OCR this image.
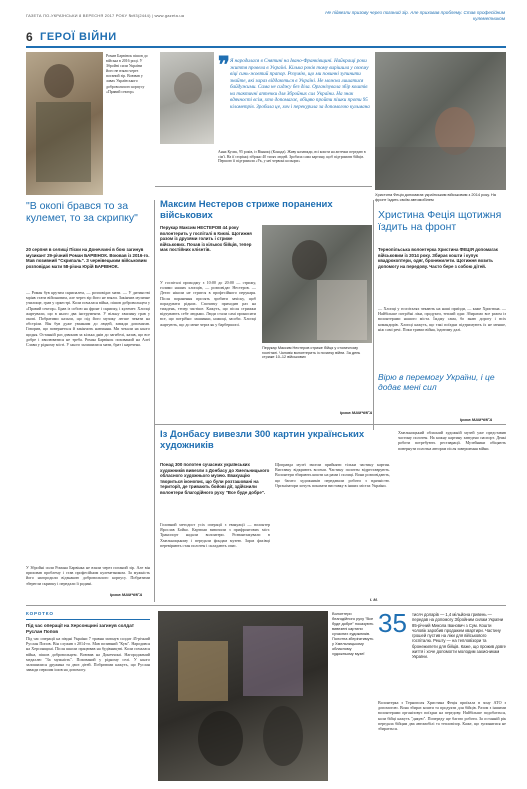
ГАЗЕТА ПО-УКРАЇНСЬКИ 8 ВЕРЕСНЯ 2017 РОКУ №93(2444) | www.gazeta.ua
Не підвезли призову через поганий зір. Але приховав проблему. Став професійним кулеметником
6 ГЕРОЇ ВІЙНИ
Роман Барвінок пішов до війська в 2016 році. У Збройні сили України його не взяли через поганий зір. Воював у лавах Українського добровольчого корпусу «Правий сектор»
❞ Я народилася в Снятині на Івано-Франківщині. Найкращі роки життя провела в Україні. Кілька років тому вирішила у своєму віці синь-жовтий прапор. Розумію, що ми повинні зупинити знайте, які зараз віддаються в Україні. Не можна лишатися байдужими. Сама не сиджу без діла. Організувала збір коштів на тактичні аптечки для Збройних сил України. На знак вдячності всім, хто допомагає, обіцяю пройти пішки проти 95 кілометрів. Зробила це, хоч і перекурила за допомогою кульмана
Анна Кусик, 95 років, із Вінниці (Канада). Живу назавжди, всі кошти на аптечки передаю в сім'ї. На її сторінці зібрано 40 тисяч людей. Зробила сама картину, щоб підтримати бійців. Першою її підтримали «Ук, у неї червоні кольори»
Христина Феція допомагає українським військовим з 2014 року. На фронт їздить своїм автомобілем
"В окопі брався то за кулемет, то за скрипку"
20 серпня в селищі Піски на Донеччині в бою загинув музикант 29-річний Роман БАРВІНОК. Воював із 2016-го. Мав позивний "Скрипаль". З чернівецьким військовим розповідає мати 58-річна Юрій БАРВІНОК.
— Роман був крутим скрипалем, — розповідає мати. — У дитинстві мріяв стати військовим, але через зір його не взяли. Закінчив музичне училище, грав у оркестрі. Коли почалася війна, пішов добровольцем у «Правий сектор». Брав із собою на фронт і скрипку, і кулемет. Хлопці жартували, що в нього два інструменти. У вільну хвилину грав у окопі. Побратими казали, що під його музику легше чекати на обстріли. Він був дуже уважним до людей, завжди допомагав. Говорив, що повернеться й закінчить навчання. Ми чекали на нього щодня. Останній раз дзвонив за кілька днів до загибелі, казав, що все добре і хвилюватися не треба. Роман Барвінок похований на Алеї Слави у рідному місті. У нього залишилися мати, брат і наречена.
У Збройні сили Романа Барвінка не взяли через поганий зір. Але він приховав проблему і став професійним кулеметником. За мужність його нагородили відзнакою добровольчого корпусу. Побратими зберегли скрипку і передали її родині.
Ірина МАМЧИГА
Максим Нестеров стриже поранених військових
Перукар Максим НЕСТЕРОВ 44 року волонтерить у госпіталі в Києві. Щотижня разом із друзями голить і стриже військових. Почав із кількох бійців, тепер має постійних клієнтів.
У госпіталі приходжу з 10:00 до 20:00 — стрижу, голимо наших хлопців, — розповідає Нестеров. — Дехто ніколи не стригся в професійного перукаря. Після поранення просять зробити зачіску, щоб порадувати рідних. Спочатку приходив раз на тиждень, тепер частіше. Кажуть, що після стрижки відчувають себе людьми. Люди стали самі приносити все, що потрібно: машинки, ножиці, засоби. Хлопці жартують, що до мене черга як у барбершопі.
Перукар Максим Нестеров стриже бійця у столичному госпіталі. Чоловік волонтерить із початку війни. За день стриже 10–12 військових
Ірина МАМЧИГА
Христина Феція щотижня їздить на фронт
Тернопільська волонтерка Христина ФЕЦІЯ допомагає військовим із 2014 року. Збирає кошти і купує квадрокоптери, одяг, бронежилети. Щотижня возить допомогу на передову. Часто бере з собою дітей.
— Хлопці у госпіталях чекають на наші приїзди, — каже Христина. — Найбільше потрібні ліки, продукти, теплий одяг. Збираємо все разом із волонтерами нашого міста. Їжджу сама, бо знаю дорогу і всіх командирів. Хлопці кажуть, що такі поїздки підтримують їх не менше, ніж самі речі. Поки триває війна, їздитиму далі.
Вірю в перемогу України, і це додає мені сил
Ірина МАМЧИГА
Із Донбасу вивезли 300 картин українських художників
Понад 300 полотен сучасних українських художників вивезли з Донбасу до Хмельницького обласного художнього музею. Евакуацію твориться іконопис, що були розташовані на території, де тривають бойові дії, здійснили волонтери благодійного руху "Все буде добре".
Головний методист усіх операції з евакуації — волонтер Ярослав Бойко. Картини вивозили з прифронтових міст. Транспорт надали волонтери. Розвантажували в Хмельницькому і передали фондам музею. Зараз фахівці перевіряють стан полотен і складають опис.
Щоправда музеї змогли прийняти тільки частину картин. Виставку відкриють восени. Частину полотен відреставрують. Волонтери збирають кошти на рами і полиці. Вони розповідають, що багато художників передавали роботи з вдячністю. Організатори хочуть показати виставку в інших містах України.
Хмельницький обласний художній музей уже представив частину полотен. На кожну картину заведено паспорт. Деякі роботи потребують реставрації. Музейники обіцяють повернути полотна авторам після завершення війни.
І. М.
КОРОТКО
Під час операції на Херсонщині загинув солдат Руслан Попов
Під час операції на півдні України 7 травня загинув солдат 45-річний Руслан Попов. Він служив з 2014-го. Мав позивний "Кум". Народився на Херсонщині. Після школи працював на будівництві. Коли почалася війна, пішов добровольцем. Воював на Донеччині. Нагороджений медаллю "За мужність". Похований у рідному селі. У нього залишилися дружина та двоє дітей. Побратими кажуть, що Руслан завжди першим ішов на допомогу.
Волонтери благодійного руху "Все буде добре" показують вивезені картини сучасних художників. Полотна зберігатимуть у Хмельницькому обласному художньому музеї
35 тисяч доларів — 1,4 мільйона гривень — передав на допомогу Збройним силам України 85-річний Микола Іванович з Сум. Кошти чоловік заробив продажем квартири. Частину грошей пустив на ліки для військового госпіталю. Решту — на тепловізори та бронежилети для бійців. Каже, що прожив довге життя і хоче допомогти молодим захисникам України.
Волонтерка з Тернополя Христина Феція приїхала в зону АТО з допомогою. Вона збирає кошти та продукти для бійців. Разом з іншими волонтерами організовує поїздки на передову. Найбільше подобається, коли бійці кажуть "дякую". Попереду ще багато роботи. За останній рік передала бійцям два автомобілі та тепловізор. Каже, що зупинятися не збирається.
